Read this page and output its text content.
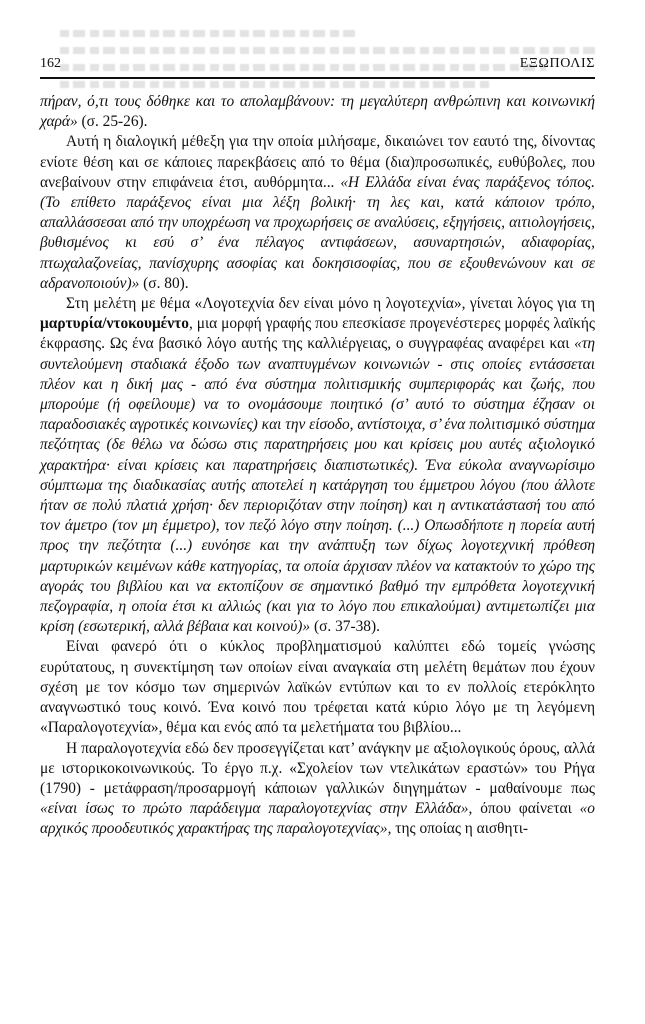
162	ΕΞΩΠΟΛΙΣ

πήραν, ό,τι τους δόθηκε και το απολαμβάνουν: τη μεγαλύτερη ανθρώπινη και κοινωνική χαρά» (σ. 25-26).

Αυτή η διαλογική μέθεξη για την οποία μιλήσαμε, δικαιώνει τον εαυτό της, δίνοντας ενίοτε θέση και σε κάποιες παρεκβάσεις από το θέμα (δια)προσωπικές, ευθύβολες, που ανεβαίνουν στην επιφάνεια έτσι, αυθόρμητα... «Η Ελλάδα είναι ένας παράξενος τόπος. (Το επίθετο παράξενος είναι μια λέξη βολική· τη λες και, κατά κάποιον τρόπο, απαλλάσσεσαι από την υποχρέωση να προχωρήσεις σε αναλύσεις, εξηγήσεις, αιτιολογήσεις, βυθισμένος κι εσύ σ’ ένα πέλαγος αντιφάσεων, ασυναρτησιών, αδιαφορίας, πτωχαλαζονείας, πανίσχυρης ασοφίας και δοκησισοφίας, που σε εξουθενώνουν και σε αδρανοποιούν)» (σ. 80).

Στη μελέτη με θέμα «Λογοτεχνία δεν είναι μόνο η λογοτεχνία», γίνεται λόγος για τη μαρτυρία/ντοκουμέντο, μια μορφή γραφής που επεσκίασε προγενέστερες μορφές λαϊκής έκφρασης. Ως ένα βασικό λόγο αυτής της καλλιέργειας, ο συγγραφέας αναφέρει και «τη συντελούμενη σταδιακά έξοδο των αναπτυγμένων κοινωνιών - στις οποίες εντάσσεται πλέον και η δική μας - από ένα σύστημα πολιτισμικής συμπεριφοράς και ζωής, που μπορούμε (ή οφείλουμε) να το ονομάσουμε ποιητικό (σ’ αυτό το σύστημα έζησαν οι παραδοσιακές αγροτικές κοινωνίες) και την είσοδο, αντίστοιχα, σ’ ένα πολιτισμικό σύστημα πεζότητας (δε θέλω να δώσω στις παρατηρήσεις μου και κρίσεις μου αυτές αξιολογικό χαρακτήρα· είναι κρίσεις και παρατηρήσεις διαπιστωτικές). Ένα εύκολα αναγνωρίσιμο σύμπτωμα της διαδικασίας αυτής αποτελεί η κατάργηση του έμμετρου λόγου (που άλλοτε ήταν σε πολύ πλατιά χρήση· δεν περιοριζόταν στην ποίηση) και η αντικατάστασή του από τον άμετρο (τον μη έμμετρο), τον πεζό λόγο στην ποίηση. (...) Οπωσδήποτε η πορεία αυτή προς την πεζότητα (...) ευνόησε και την ανάπτυξη των δίχως λογοτεχνική πρόθεση μαρτυρικών κειμένων κάθε κατηγορίας, τα οποία άρχισαν πλέον να κατακτούν το χώρο της αγοράς του βιβλίου και να εκτοπίζουν σε σημαντικό βαθμό την εμπρόθετα λογοτεχνική πεζογραφία, η οποία έτσι κι αλλιώς (και για το λόγο που επικαλούμαι) αντιμετωπίζει μια κρίση (εσωτερική, αλλά βέβαια και κοινού)» (σ. 37-38).

Είναι φανερό ότι ο κύκλος προβληματισμού καλύπτει εδώ τομείς γνώσης ευρύτατους, η συνεκτίμηση των οποίων είναι αναγκαία στη μελέτη θεμάτων που έχουν σχέση με τον κόσμο των σημερινών λαϊκών εντύπων και το εν πολλοίς ετερόκλητο αναγνωστικό τους κοινό. Ένα κοινό που τρέφεται κατά κύριο λόγο με τη λεγόμενη «Παραλογοτεχνία», θέμα και ενός από τα μελετήματα του βιβλίου...

Η παραλογοτεχνία εδώ δεν προσεγγίζεται κατ’ ανάγκην με αξιολογικούς όρους, αλλά με ιστορικοκοινωνικούς. Το έργο π.χ. «Σχολείον των ντελικάτων εραστών» του Ρήγα (1790) - μετάφραση/προσαρμογή κάποιων γαλλικών διηγημάτων - μαθαίνουμε πως «είναι ίσως το πρώτο παράδειγμα παραλογοτεχνίας στην Ελλάδα», όπου φαίνεται «ο αρχικός προοδευτικός χαρακτήρας της παραλογοτεχνίας», της οποίας η αισθητι-
